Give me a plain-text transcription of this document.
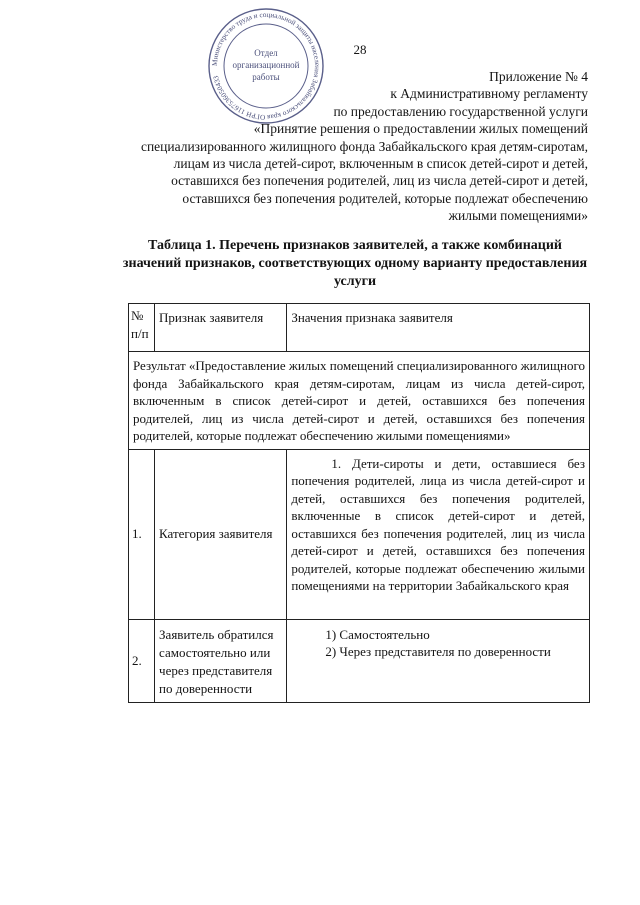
28
Министерство труда и социальной защиты населения Забайкальского края ОГРН 1167536050433
Отдел
организационной
работы	Приложение № 4
к Административному регламенту
по предоставлению государственной услуги
«Принятие решения о предоставлении жилых помещений
специализированного жилищного фонда Забайкальского края детям-сиротам,
лицам из числа детей-сирот, включенным в список детей-сирот и детей,
оставшихся без попечения родителей, лиц из числа детей-сирот и детей,
оставшихся без попечения родителей, которые подлежат обеспечению
жилыми помещениями»
Таблица 1. Перечень признаков заявителей, а также комбинаций
значений признаков, соответствующих одному варианту предоставления
услуги
№
п/п	Признак заявителя	Значения признака заявителя
Результат «Предоставление жилых помещений специализированного жилищного фонда Забайкальского края детям-сиротам, лицам из числа детей-сирот, включенным в список детей-сирот и детей, оставшихся без попечения родителей, лиц из числа детей-сирот и детей, оставшихся без попечения родителей, которые подлежат обеспечению жилыми помещениями»		
1.	Категория заявителя	1. Дети-сироты и дети, оставшиеся без попечения родителей, лица из числа детей-сирот и детей, оставшихся без попечения родителей, включенные в список детей-сирот и детей, оставшихся без попечения родителей, лиц из числа детей-сирот и детей, оставшихся без попечения родителей, которые подлежат обеспечению жилыми помещениями на территории Забайкальского края
2.	Заявитель обратился самостоятельно или через представителя по доверенности	1) Самостоятельно
2) Через представителя по доверенности
